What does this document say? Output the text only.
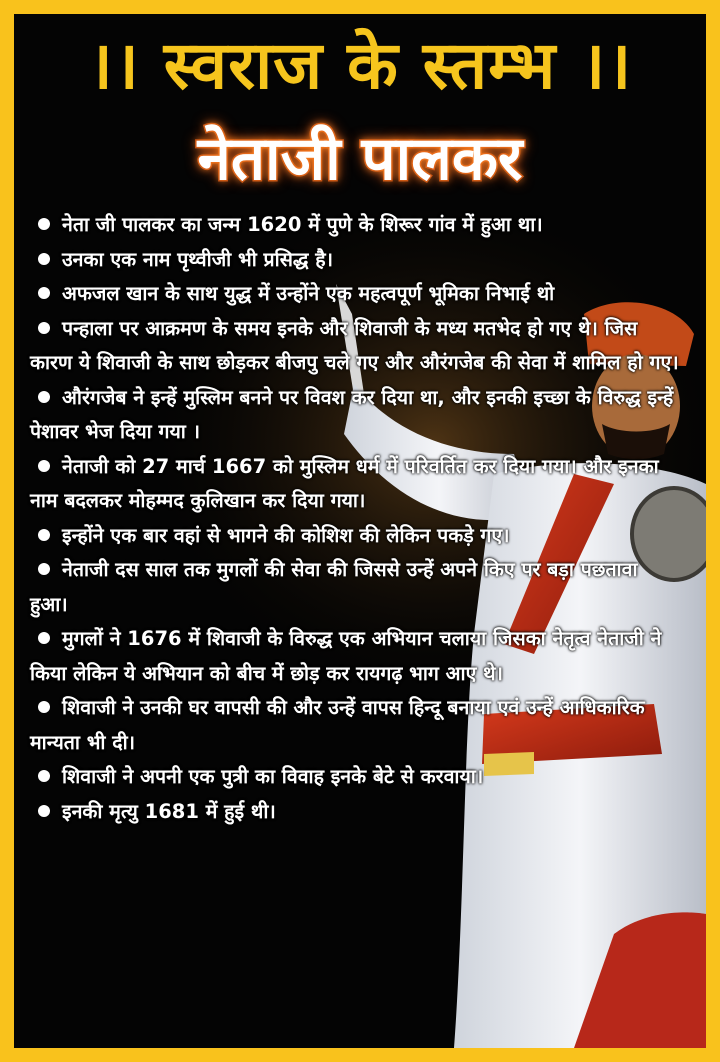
।। स्वराज के स्तम्भ ।।
नेताजी पालकर
नेता जी पालकर का जन्म 1620 में पुणे के शिरूर गांव में हुआ था।
उनका एक नाम पृथ्वीजी भी प्रसिद्ध है।
अफजल खान के साथ युद्ध में उन्होंने एक महत्वपूर्ण भूमिका निभाई थो
पन्हाला पर आक्रमण के समय इनके और शिवाजी के मध्य मतभेद हो गए थे। जिस कारण ये शिवाजी के साथ छोड़कर बीजपु चले गए और औरंगजेब की सेवा में शामिल हो गए।
औरंगजेब ने इन्हें मुस्लिम बनने पर विवश कर दिया था, और इनकी इच्छा के विरुद्ध इन्हें पेशावर भेज दिया गया ।
नेताजी को 27 मार्च 1667 को मुस्लिम धर्म में परिवर्तित कर दिया गया। और इनका नाम बदलकर मोहम्मद कुलिखान कर दिया गया।
इन्होंने एक बार वहां से भागने की कोशिश की लेकिन पकड़े गए।
नेताजी दस साल तक मुगलों की सेवा की जिससे उन्हें अपने किए पर बड़ा पछतावा हुआ।
मुगलों ने 1676 में शिवाजी के विरुद्ध एक अभियान चलाया जिसका नेतृत्व नेताजी ने किया लेकिन ये अभियान को बीच में छोड़ कर रायगढ़ भाग आए थे।
शिवाजी ने उनकी घर वापसी की और उन्हें वापस हिन्दू बनाया एवं उन्हें आधिकारिक मान्यता भी दी।
शिवाजी ने अपनी एक पुत्री का विवाह इनके बेटे से करवाया।
इनकी मृत्यु 1681 में हुई थी।
